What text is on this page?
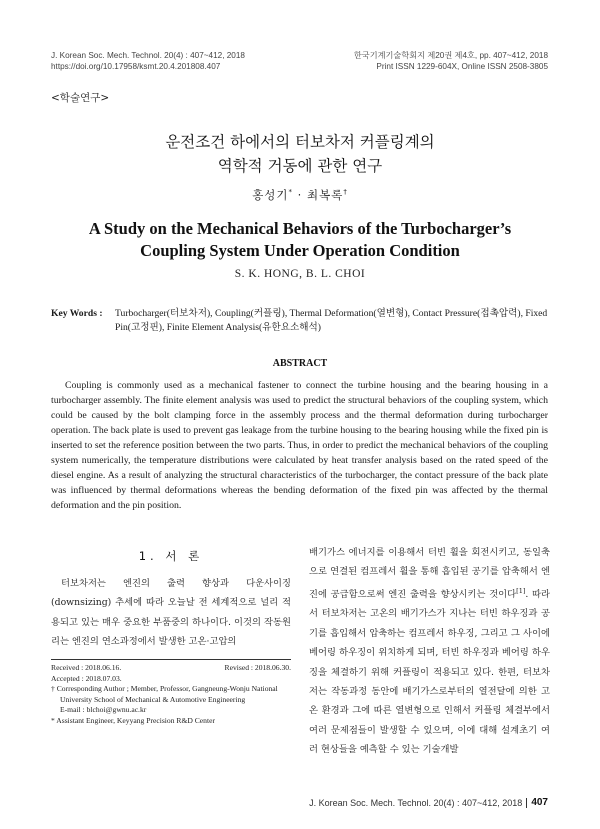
J. Korean Soc. Mech. Technol. 20(4) : 407~412, 2018	한국기계기술학회지 제20권 제4호, pp. 407~412, 2018
https://doi.org/10.17958/ksmt.20.4.201808.407	Print ISSN 1229-604X, Online ISSN 2508-3805
<학술연구>
운전조건 하에서의 터보차저 커플링계의
역학적 거동에 관한 연구
홍성기* · 최복록†
A Study on the Mechanical Behaviors of the Turbocharger’s
Coupling System Under Operation Condition
S. K. HONG, B. L. CHOI
Key Words :	Turbocharger(터보차저), Coupling(커플링), Thermal Deformation(열변형), Contact Pressure(접촉압력), Fixed Pin(고정핀), Finite Element Analysis(유한요소해석)
ABSTRACT
Coupling is commonly used as a mechanical fastener to connect the turbine housing and the bearing housing in a turbocharger assembly. The finite element analysis was used to predict the structural behaviors of the coupling system, which could be caused by the bolt clamping force in the assembly process and the thermal deformation during turbocharger operation. The back plate is used to prevent gas leakage from the turbine housing to the bearing housing while the fixed pin is inserted to set the reference position between the two parts. Thus, in order to predict the mechanical behaviors of the coupling system numerically, the temperature distributions were calculated by heat transfer analysis based on the rated speed of the diesel engine. As a result of analyzing the structural characteristics of the turbocharger, the contact pressure of the back plate was influenced by thermal deformations whereas the bending deformation of the fixed pin was affected by the thermal deformation and the pin position.
1. 서 론
터보차저는 엔진의 출력 향상과 다운사이징(downsizing) 추세에 따라 오늘날 전 세계적으로 널리 적용되고 있는 매우 중요한 부품중의 하나이다. 이것의 작동원리는 엔진의 연소과정에서 발생한 고온·고압의
배기가스 에너지를 이용해서 터빈 휠을 회전시키고, 동일축으로 연결된 컴프레서 휠을 통해 흡입된 공기를 압축해서 엔진에 공급함으로써 엔진 출력을 향상시키는 것이다[1]. 따라서 터보차저는 고온의 배기가스가 지나는 터빈 하우징과 공기를 흡입해서 압축하는 컴프레서 하우징, 그리고 그 사이에 베어링 하우징이 위치하게 되며, 터빈 하우징과 베어링 하우징을 체결하기 위해 커플링이 적용되고 있다. 한편, 터보차저는 작동과정 동안에 배기가스로부터의 열전달에 의한 고온 환경과 그에 따른 열변형으로 인해서 커플링 체결부에서 여러 문제점들이 발생할 수 있으며, 이에 대해 설계초기 여러 현상들을 예측할 수 있는 기술개발
Received : 2018.06.16.	Revised : 2018.06.30.
Accepted : 2018.07.03.
† Corresponding Author ; Member, Professor, Gangneung-Wonju National University School of Mechanical & Automotive Engineering
E-mail : blchoi@gwnu.ac.kr
* Assistant Engineer, Keyyang Precision R&D Center
J. Korean Soc. Mech. Technol. 20(4) : 407~412, 2018 407
